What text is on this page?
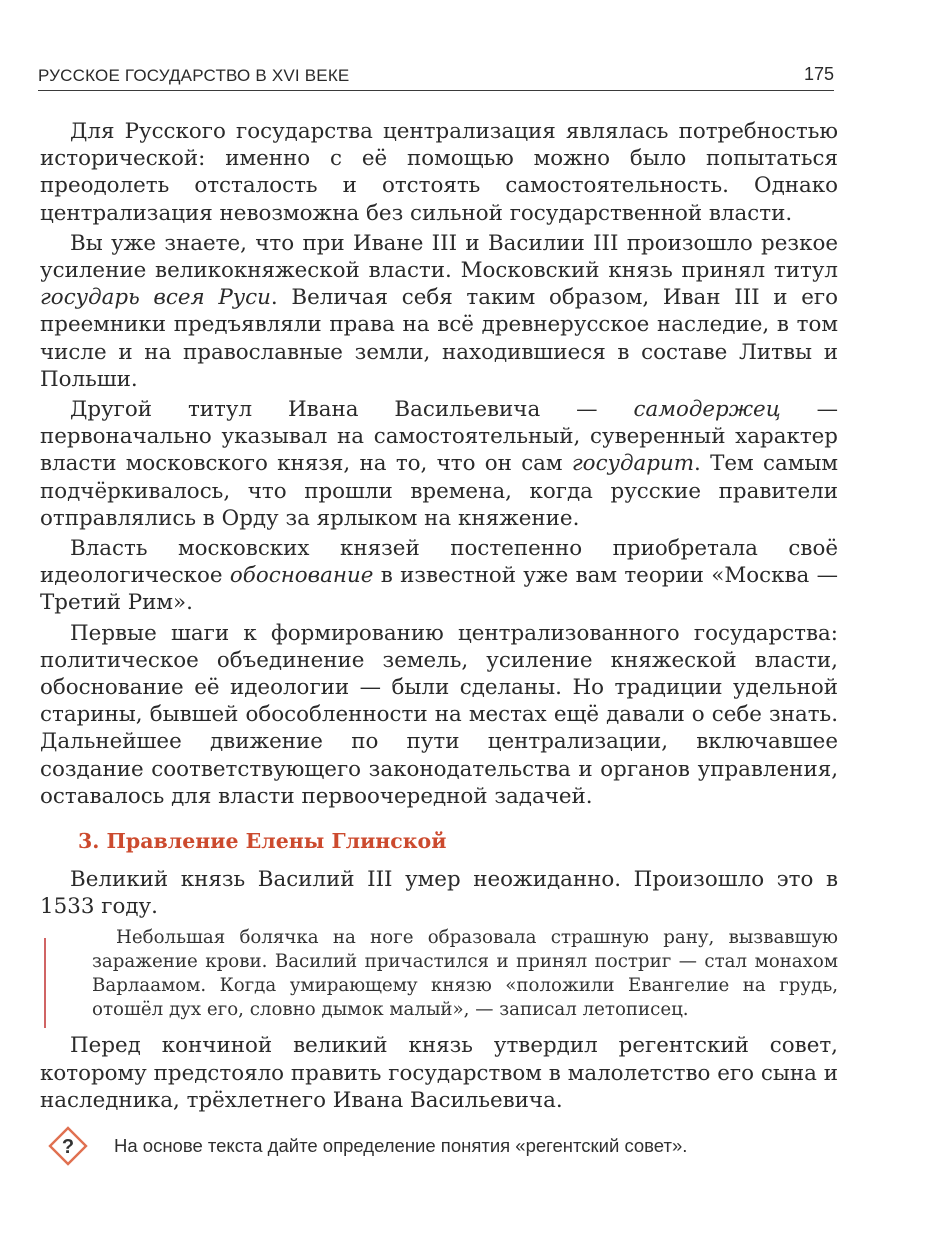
РУССКОЕ ГОСУДАРСТВО В XVI ВЕКЕ	175

Для Русского государства централизация являлась потребностью исторической: именно с её помощью можно было попытаться преодолеть отсталость и отстоять самостоятельность. Однако централизация невозможна без сильной государственной власти.

Вы уже знаете, что при Иване III и Василии III произошло резкое усиление великокняжеской власти. Московский князь принял титул государь всея Руси. Величая себя таким образом, Иван III и его преемники предъявляли права на всё древнерусское наследие, в том числе и на православные земли, находившиеся в составе Литвы и Польши.

Другой титул Ивана Васильевича — самодержец — первоначально указывал на самостоятельный, суверенный характер власти московского князя, на то, что он сам государит. Тем самым подчёркивалось, что прошли времена, когда русские правители отправлялись в Орду за ярлыком на княжение.

Власть московских князей постепенно приобретала своё идеологическое обоснование в известной уже вам теории «Москва — Третий Рим».

Первые шаги к формированию централизованного государства: политическое объединение земель, усиление княжеской власти, обоснование её идеологии — были сделаны. Но традиции удельной старины, бывшей обособленности на местах ещё давали о себе знать. Дальнейшее движение по пути централизации, включавшее создание соответствующего законодательства и органов управления, оставалось для власти первоочередной задачей.

3. Правление Елены Глинской

Великий князь Василий III умер неожиданно. Произошло это в 1533 году.

Небольшая болячка на ноге образовала страшную рану, вызвавшую заражение крови. Василий причастился и принял постриг — стал монахом Варлаамом. Когда умирающему князю «положили Евангелие на грудь, отошёл дух его, словно дымок малый», — записал летописец.

Перед кончиной великий князь утвердил регентский совет, которому предстояло править государством в малолетство его сына и наследника, трёхлетнего Ивана Васильевича.

? На основе текста дайте определение понятия «регентский совет».
